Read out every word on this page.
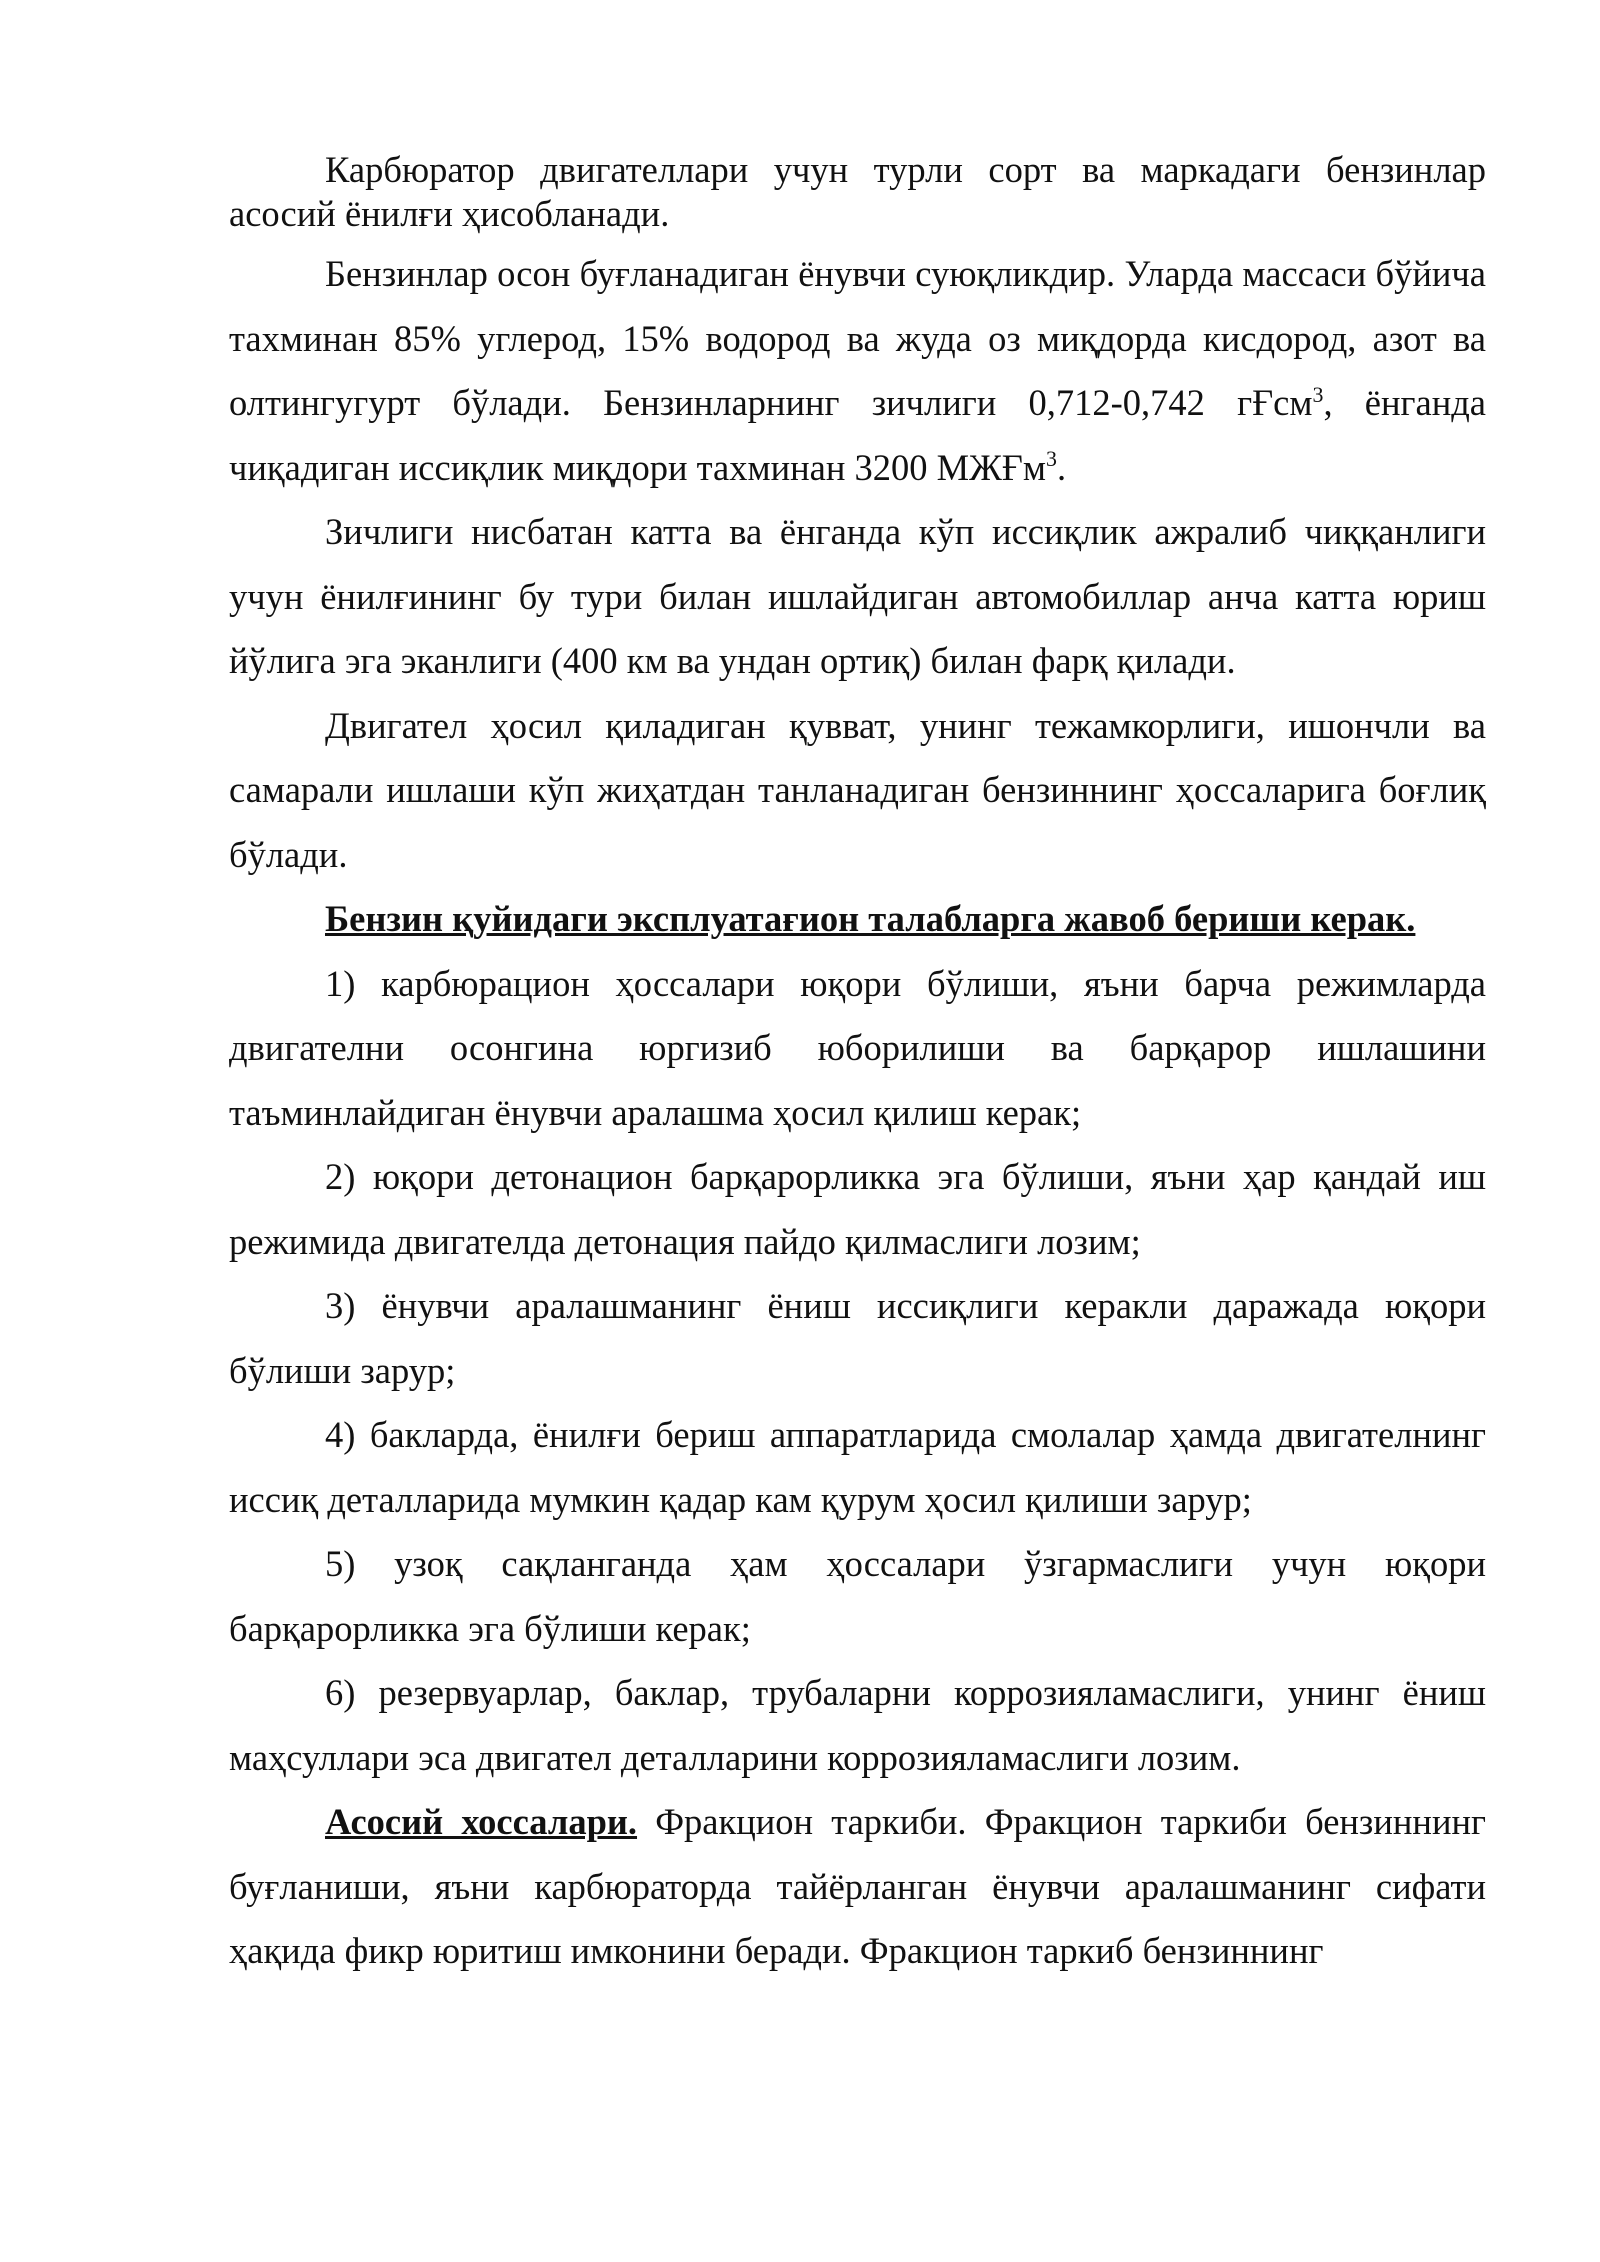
Карбюратор двигателлари учун турли сорт ва маркадаги бензинлар асосий ёнилғи ҳисобланади.

Бензинлар осон буғланадиган ёнувчи суюқликдир. Уларда массаси бўйича тахминан 85% углерод, 15% водород ва жуда оз миқдорда кисдород, азот ва олтингугурт бўлади. Бензинларнинг зичлиги 0,712-0,742 гҒсм$^3$, ёнганда чиқадиган иссиқлик миқдори тахминан 3200 МЖҒм$^3$.

Зичлиги нисбатан катта ва ёнганда кўп иссиқлик ажралиб чиққанлиги учун ёнилғининг бу тури билан ишлайдиган автомобиллар анча катта юриш йўлига эга эканлиги (400 км ва ундан ортиқ) билан фарқ қилади.

Двигател ҳосил қиладиган қувват, унинг тежамкорлиги, ишончли ва самарали ишлаши кўп жиҳатдан танланадиган бензиннинг ҳоссаларига боғлиқ бўлади.

Бензин қуйидаги эксплуатағион талабларга жавоб бериши керак.

1) карбюрацион ҳоссалари юқори бўлиши, яъни барча режимларда двигателни осонгина юргизиб юборилиши ва барқарор ишлашини таъминлайдиган ёнувчи аралашма ҳосил қилиш керак;

2) юқори детонацион барқарорликка эга бўлиши, яъни ҳар қандай иш режимида двигателда детонация пайдо қилмаслиги лозим;

3) ёнувчи аралашманинг ёниш иссиқлиги керакли даражада юқори бўлиши зарур;

4) бакларда, ёнилғи бериш аппаратларида смолалар ҳамда двигателнинг иссиқ деталларида мумкин қадар кам қурум ҳосил қилиши зарур;

5) узоқ сақланганда ҳам ҳоссалари ўзгармаслиги учун юқори барқарорликка эга бўлиши керак;

6) резервуарлар, баклар, трубаларни коррозияламаслиги, унинг ёниш маҳсуллари эса двигател деталларини коррозияламаслиги лозим.

Асосий хоссалари. Фракцион таркиби. Фракцион таркиби бензиннинг буғланиши, яъни карбюраторда тайёрланган ёнувчи аралашманинг сифати ҳақида фикр юритиш имконини беради. Фракцион таркиб бензиннинг
